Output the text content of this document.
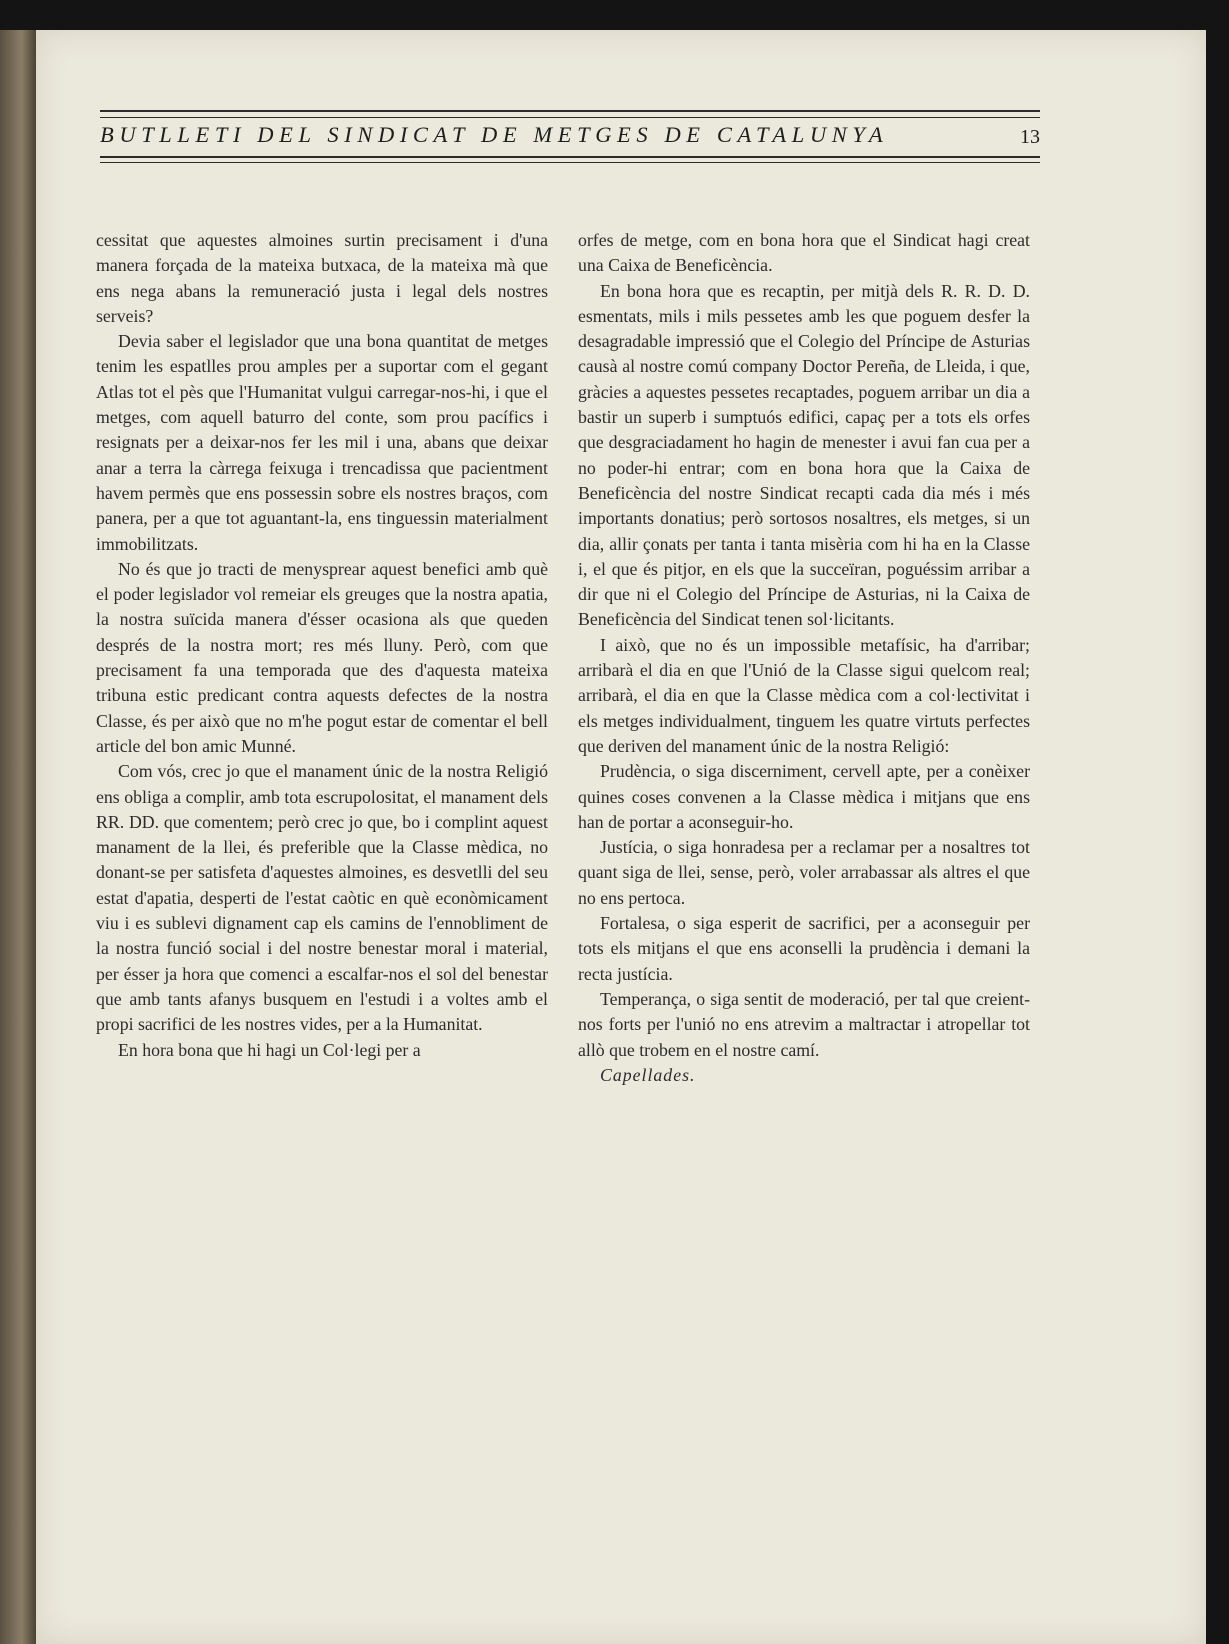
BUTLLETI DEL SINDICAT DE METGES DE CATALUNYA	13

cessitat que aquestes almoines surtin precisament i d'una manera forçada de la mateixa butxaca, de la mateixa mà que ens nega abans la remuneració justa i legal dels nostres serveis?

Devia saber el legislador que una bona quantitat de metges tenim les espatlles prou amples per a suportar com el gegant Atlas tot el pès que l'Humanitat vulgui carregar-nos-hi, i que el metges, com aquell baturro del conte, som prou pacífics i resignats per a deixar-nos fer les mil i una, abans que deixar anar a terra la càrrega feixuga i trencadissa que pacientment havem permès que ens possessin sobre els nostres braços, com panera, per a que tot aguantant-la, ens tinguessin materialment immobilitzats.

No és que jo tracti de menysprear aquest benefici amb què el poder legislador vol remeiar els greuges que la nostra apatia, la nostra suïcida manera d'ésser ocasiona als que queden després de la nostra mort; res més lluny. Però, com que precisament fa una temporada que des d'aquesta mateixa tribuna estic predicant contra aquests defectes de la nostra Classe, és per això que no m'he pogut estar de comentar el bell article del bon amic Munné.

Com vós, crec jo que el manament únic de la nostra Religió ens obliga a complir, amb tota escrupolositat, el manament dels RR. DD. que comentem; però crec jo que, bo i complint aquest manament de la llei, és preferible que la Classe mèdica, no donant-se per satisfeta d'aquestes almoines, es desvetlli del seu estat d'apatia, desperti de l'estat caòtic en què econòmicament viu i es sublevi dignament cap els camins de l'ennobliment de la nostra funció social i del nostre benestar moral i material, per ésser ja hora que comenci a escalfar-nos el sol del benestar que amb tants afanys busquem en l'estudi i a voltes amb el propi sacrifici de les nostres vides, per a la Humanitat.

En hora bona que hi hagi un Col·legi per a

orfes de metge, com en bona hora que el Sindicat hagi creat una Caixa de Beneficència.

En bona hora que es recaptin, per mitjà dels R. R. D. D. esmentats, mils i mils pessetes amb les que poguem desfer la desagradable impressió que el Colegio del Príncipe de Asturias causà al nostre comú company Doctor Pereña, de Lleida, i que, gràcies a aquestes pessetes recaptades, poguem arribar un dia a bastir un superb i sumptuós edifici, capaç per a tots els orfes que desgraciadament ho hagin de menester i avui fan cua per a no poder-hi entrar; com en bona hora que la Caixa de Beneficència del nostre Sindicat recapti cada dia més i més importants donatius; però sortosos nosaltres, els metges, si un dia, allir çonats per tanta i tanta misèria com hi ha en la Classe i, el que és pitjor, en els que la succeïran, poguéssim arribar a dir que ni el Colegio del Príncipe de Asturias, ni la Caixa de Beneficència del Sindicat tenen sol·licitants.

I això, que no és un impossible metafísic, ha d'arribar; arribarà el dia en que l'Unió de la Classe sigui quelcom real; arribarà, el dia en que la Classe mèdica com a col·lectivitat i els metges individualment, tinguem les quatre virtuts perfectes que deriven del manament únic de la nostra Religió:

Prudència, o siga discerniment, cervell apte, per a conèixer quines coses convenen a la Classe mèdica i mitjans que ens han de portar a aconseguir-ho.

Justícia, o siga honradesa per a reclamar per a nosaltres tot quant siga de llei, sense, però, voler arrabassar als altres el que no ens pertoca.

Fortalesa, o siga esperit de sacrifici, per a aconseguir per tots els mitjans el que ens aconselli la prudència i demani la recta justícia.

Temperança, o siga sentit de moderació, per tal que creient-nos forts per l'unió no ens atrevim a maltractar i atropellar tot allò que trobem en el nostre camí.

Capellades.
